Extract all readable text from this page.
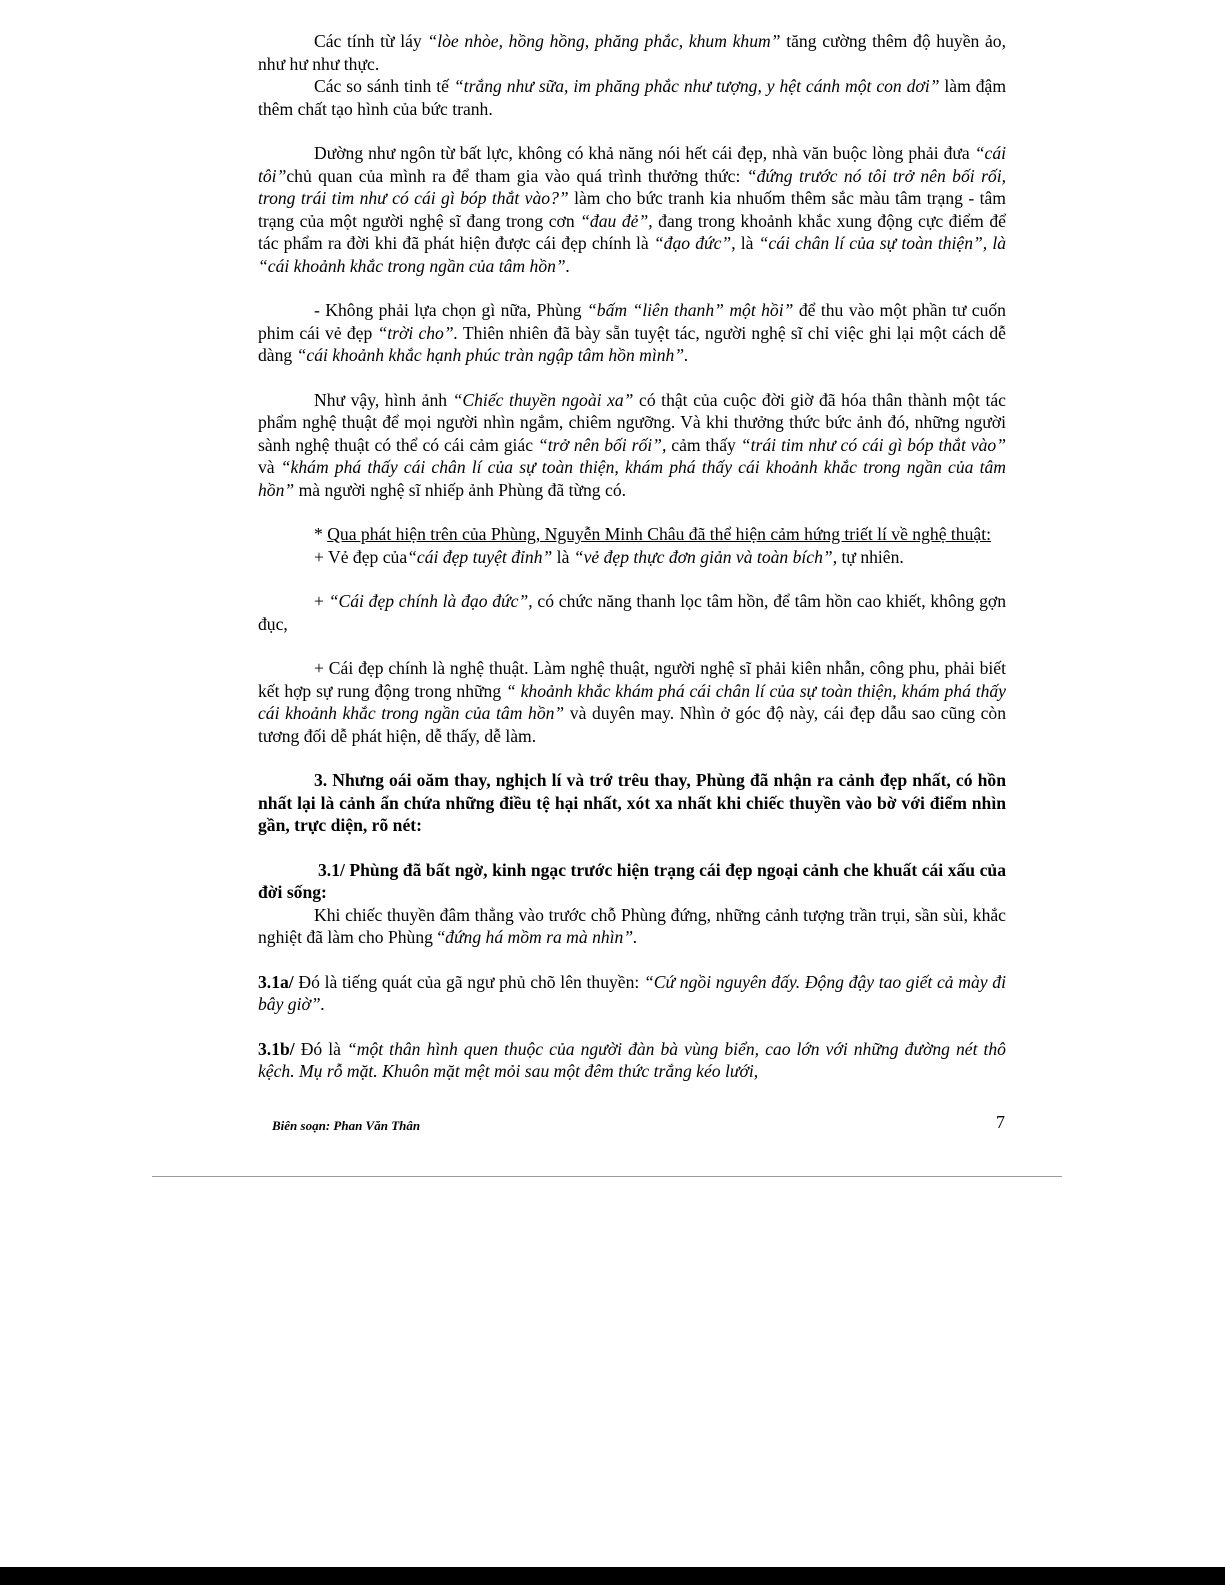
Các tính từ láy “lòe nhòe, hồng hồng, phăng phắc, khum khum” tăng cường thêm độ huyền ảo, như hư như thực.

Các so sánh tinh tế “trắng như sữa, im phăng phắc như tượng, y hệt cánh một con dơi” làm đậm thêm chất tạo hình của bức tranh.

Dường như ngôn từ bất lực, không có khả năng nói hết cái đẹp, nhà văn buộc lòng phải đưa “cái tôi”chủ quan của mình ra để tham gia vào quá trình thưởng thức: “đứng trước nó tôi trở nên bối rối, trong trái tim như có cái gì bóp thắt vào?” làm cho bức tranh kia nhuốm thêm sắc màu tâm trạng - tâm trạng của một người nghệ sĩ đang trong cơn “đau đẻ”, đang trong khoảnh khắc xung động cực điểm để tác phẩm ra đời khi đã phát hiện được cái đẹp chính là “đạo đức”, là “cái chân lí của sự toàn thiện”, là “cái khoảnh khắc trong ngần của tâm hồn”.

- Không phải lựa chọn gì nữa, Phùng “bấm “liên thanh” một hồi” để thu vào một phần tư cuốn phim cái vẻ đẹp “trời cho”. Thiên nhiên đã bày sẵn tuyệt tác, người nghệ sĩ chỉ việc ghi lại một cách dễ dàng “cái khoảnh khắc hạnh phúc tràn ngập tâm hồn mình”.

Như vậy, hình ảnh “Chiếc thuyền ngoài xa” có thật của cuộc đời giờ đã hóa thân thành một tác phẩm nghệ thuật để mọi người nhìn ngắm, chiêm ngưỡng. Và khi thưởng thức bức ảnh đó, những người sành nghệ thuật có thể có cái cảm giác “trở nên bối rối”, cảm thấy “trái tim như có cái gì bóp thắt vào” và “khám phá thấy cái chân lí của sự toàn thiện, khám phá thấy cái khoảnh khắc trong ngần của tâm hồn” mà người nghệ sĩ nhiếp ảnh Phùng đã từng có.

* Qua phát hiện trên của Phùng, Nguyễn Minh Châu đã thể hiện cảm hứng triết lí về nghệ thuật:

+ Vẻ đẹp của“cái đẹp tuyệt đỉnh” là “vẻ đẹp thực đơn giản và toàn bích”, tự nhiên.

+ “Cái đẹp chính là đạo đức”, có chức năng thanh lọc tâm hồn, để tâm hồn cao khiết, không gợn đục,

+ Cái đẹp chính là nghệ thuật. Làm nghệ thuật, người nghệ sĩ phải kiên nhẫn, công phu, phải biết kết hợp sự rung động trong những “ khoảnh khắc khám phá cái chân lí của sự toàn thiện, khám phá thấy cái khoảnh khắc trong ngần của tâm hồn” và duyên may. Nhìn ở góc độ này, cái đẹp dẫu sao cũng còn tương đối dễ phát hiện, dễ thấy, dễ làm.

3. Nhưng oái oăm thay, nghịch lí và trớ trêu thay, Phùng đã nhận ra cảnh đẹp nhất, có hồn nhất lại là cảnh ẩn chứa những điều tệ hại nhất, xót xa nhất khi chiếc thuyền vào bờ với điểm nhìn gần, trực diện, rõ nét:

3.1/ Phùng đã bất ngờ, kinh ngạc trước hiện trạng cái đẹp ngoại cảnh che khuất cái xấu của đời sống:

Khi chiếc thuyền đâm thẳng vào trước chỗ Phùng đứng, những cảnh tượng trần trụi, sần sùi, khắc nghiệt đã làm cho Phùng “đứng há mồm ra mà nhìn”.

3.1a/ Đó là tiếng quát của gã ngư phủ chõ lên thuyền: “Cứ ngồi nguyên đấy. Động đậy tao giết cả mày đi bây giờ”.

3.1b/ Đó là “một thân hình quen thuộc của người đàn bà vùng biển, cao lớn với những đường nét thô kệch. Mụ rỗ mặt. Khuôn mặt mệt mỏi sau một đêm thức trắng kéo lưới,

Biên soạn: Phan Văn Thân	7
